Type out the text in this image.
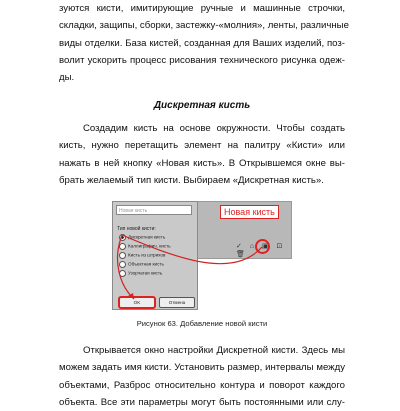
зуются кисти, имитирующие ручные и машинные строчки,
складки, защипы, сборки, застежку-«молния», ленты, различные
виды отделки. База кистей, созданная для Ваших изделий, поз-
волит ускорить процесс рисования технического рисунка одеж-
ды.
Дискретная кисть
Создадим кисть на основе окружности. Чтобы создать
кисть, нужно перетащить элемент на палитру «Кисти» или
нажать в ней кнопку «Новая кисть». В Открывшемся окне вы-
брать желаемый тип кисти. Выбираем «Дискретная кисть».
Новая кисть
✓ ⌂ ▣ ⊡ 🗑
Новая кисть
Тип новой кисти:
Дискретная кисть
Каллиграфич. кисть
Кисть из штрихов
Объектная кисть
Узорчатая кисть
OK	Отмена
Рисунок 63. Добавление новой кисти
Открывается окно настройки Дискретной кисти. Здесь мы
можем задать имя кисти. Установить размер, интервалы между
объектами, Разброс относительно контура и поворот каждого
объекта. Все эти параметры могут быть постоянными или слу-
